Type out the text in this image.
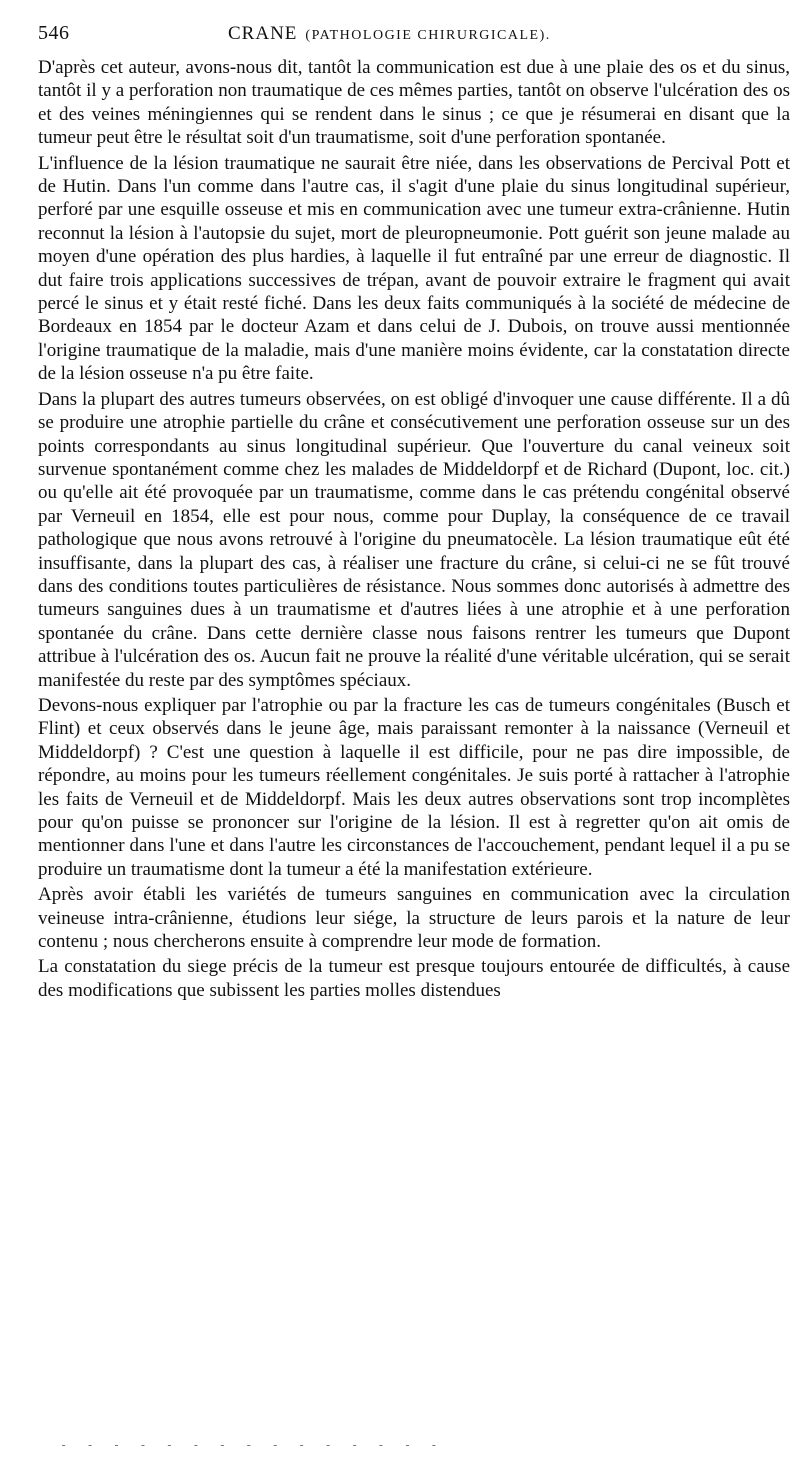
546	CRANE (PATHOLOGIE CHIRURGICALE).

D'après cet auteur, avons-nous dit, tantôt la communication est due à une plaie des os et du sinus, tantôt il y a perforation non traumatique de ces mêmes parties, tantôt on observe l'ulcération des os et des veines méningiennes qui se rendent dans le sinus ; ce que je résumerai en disant que la tumeur peut être le résultat soit d'un traumatisme, soit d'une perforation spontanée.

L'influence de la lésion traumatique ne saurait être niée, dans les observations de Percival Pott et de Hutin. Dans l'un comme dans l'autre cas, il s'agit d'une plaie du sinus longitudinal supérieur, perforé par une esquille osseuse et mis en communication avec une tumeur extra-crânienne. Hutin reconnut la lésion à l'autopsie du sujet, mort de pleuropneumonie. Pott guérit son jeune malade au moyen d'une opération des plus hardies, à laquelle il fut entraîné par une erreur de diagnostic. Il dut faire trois applications successives de trépan, avant de pouvoir extraire le fragment qui avait percé le sinus et y était resté fiché. Dans les deux faits communiqués à la société de médecine de Bordeaux en 1854 par le docteur Azam et dans celui de J. Dubois, on trouve aussi mentionnée l'origine traumatique de la maladie, mais d'une manière moins évidente, car la constatation directe de la lésion osseuse n'a pu être faite.

Dans la plupart des autres tumeurs observées, on est obligé d'invoquer une cause différente. Il a dû se produire une atrophie partielle du crâne et consécutivement une perforation osseuse sur un des points correspondants au sinus longitudinal supérieur. Que l'ouverture du canal veineux soit survenue spontanément comme chez les malades de Middeldorpf et de Richard (Dupont, loc. cit.) ou qu'elle ait été provoquée par un traumatisme, comme dans le cas prétendu congénital observé par Verneuil en 1854, elle est pour nous, comme pour Duplay, la conséquence de ce travail pathologique que nous avons retrouvé à l'origine du pneumatocèle. La lésion traumatique eût été insuffisante, dans la plupart des cas, à réaliser une fracture du crâne, si celui-ci ne se fût trouvé dans des conditions toutes particulières de résistance. Nous sommes donc autorisés à admettre des tumeurs sanguines dues à un traumatisme et d'autres liées à une atrophie et à une perforation spontanée du crâne. Dans cette dernière classe nous faisons rentrer les tumeurs que Dupont attribue à l'ulcération des os. Aucun fait ne prouve la réalité d'une véritable ulcération, qui se serait manifestée du reste par des symptômes spéciaux.

Devons-nous expliquer par l'atrophie ou par la fracture les cas de tumeurs congénitales (Busch et Flint) et ceux observés dans le jeune âge, mais paraissant remonter à la naissance (Verneuil et Middeldorpf) ? C'est une question à laquelle il est difficile, pour ne pas dire impossible, de répondre, au moins pour les tumeurs réellement congénitales. Je suis porté à rattacher à l'atrophie les faits de Verneuil et de Middeldorpf. Mais les deux autres observations sont trop incomplètes pour qu'on puisse se prononcer sur l'origine de la lésion. Il est à regretter qu'on ait omis de mentionner dans l'une et dans l'autre les circonstances de l'accouchement, pendant lequel il a pu se produire un traumatisme dont la tumeur a été la manifestation extérieure.

Après avoir établi les variétés de tumeurs sanguines en communication avec la circulation veineuse intra-crânienne, étudions leur siége, la structure de leurs parois et la nature de leur contenu ; nous chercherons ensuite à comprendre leur mode de formation.

La constatation du siege précis de la tumeur est presque toujours entourée de difficultés, à cause des modifications que subissent les parties molles distendues

- - - - - - - - - - - - - - -
